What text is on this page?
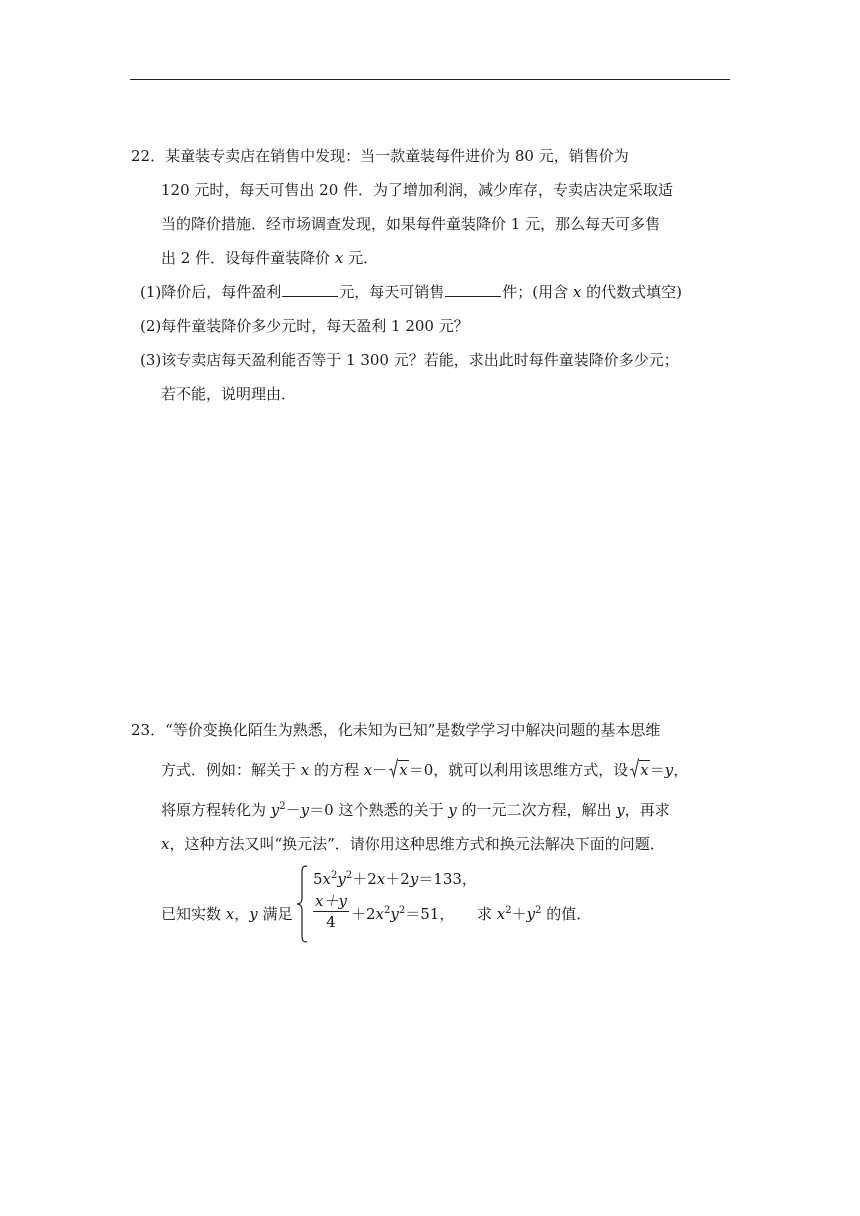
22．某童装专卖店在销售中发现：当一款童装每件进价为 80 元，销售价为
120 元时，每天可售出 20 件．为了增加利润，减少库存，专卖店决定采取适
当的降价措施．经市场调查发现，如果每件童装降价 1 元，那么每天可多售
出 2 件．设每件童装降价 x 元．
(1)降价后，每件盈利	元，每天可销售	件；(用含 x 的代数式填空)
(2)每件童装降价多少元时，每天盈利 1 200 元？
(3)该专卖店每天盈利能否等于 1 300 元？若能，求出此时每件童装降价多少元；
若不能，说明理由．
23．“等价变换化陌生为熟悉，化未知为已知”是数学学习中解决问题的基本思维
方式．例如：解关于 x 的方程 x－ x＝0，就可以利用该思维方式，设 x＝y，
将原方程转化为 $y^2-y=0$ 这个熟悉的关于 y 的一元二次方程，解出 y，再求
x，这种方法又叫“换元法”．请你用这种思维方式和换元法解决下面的问题．
已知实数 x，y 满足
$5x^2y^2+2x+2y=133$，
$\frac{x+y}{4} +2x^2y^2=51$， 求 $x^2+y^2$ 的值．
